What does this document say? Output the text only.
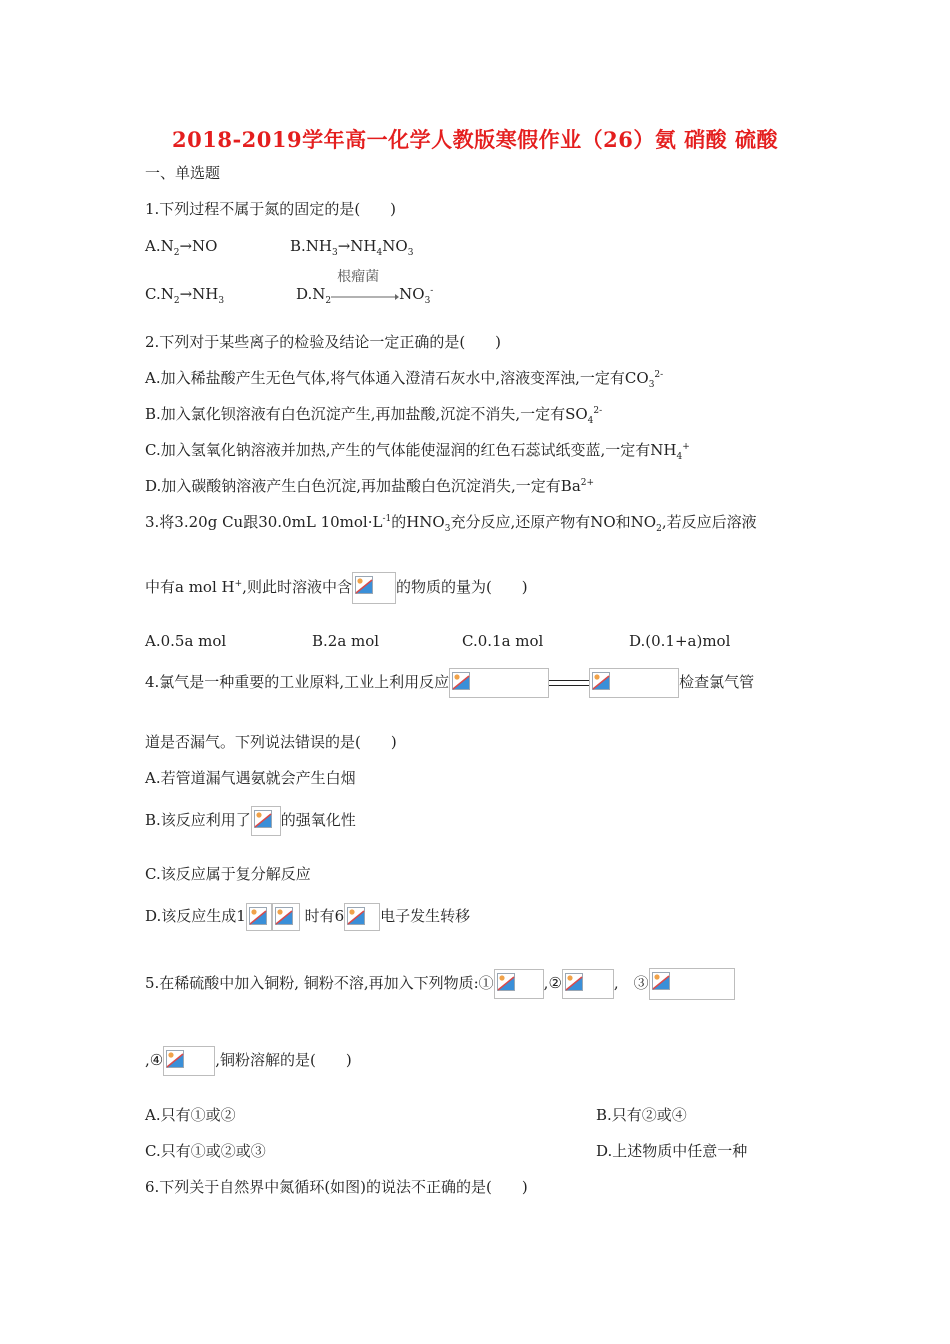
2018-2019学年高一化学人教版寒假作业（26）氨 硝酸 硫酸
一、单选题
1.下列过程不属于氮的固定的是(　　)
$A.N_2\to NO$	$B.NH_3\to NH_4NO_3$
$C.N_2\to NH_3$	$D.N_2$
根瘤菌
$NO_3^-$
2.下列对于某些离子的检验及结论一定正确的是(　　)
A.加入稀盐酸产生无色气体,将气体通入澄清石灰水中,溶液变浑浊,一定有$CO_3^{2-}$
B.加入氯化钡溶液有白色沉淀产生,再加盐酸,沉淀不消失,一定有$SO_4^{2-}$
C.加入氢氧化钠溶液并加热,产生的气体能使湿润的红色石蕊试纸变蓝,一定有$NH_4^+$
D.加入碳酸钠溶液产生白色沉淀,再加盐酸白色沉淀消失,一定有$Ba^{2+}$
3.将3.20g Cu跟30.0mL $10mol\cdot L^{-1}$的$HNO_3$充分反应,还原产物有NO和$NO_2$,若反应后溶液
中有a mol H+,则此时溶液中含	的物质的量为(　　)
A.0.5a mol	B.2a mol	C.0.1a mol	D.(0.1+a)mol
4.氯气是一种重要的工业原料,工业上利用反应	检查氯气管
道是否漏气。下列说法错误的是(　　)
A.若管道漏气遇氨就会产生白烟
B.该反应利用了 的强氧化性
C.该反应属于复分解反应
D.该反应生成1	时有6 电子发生转移
5.在稀硫酸中加入铜粉, 铜粉不溶,再加入下列物质:①	,②	,　③
,④	,铜粉溶解的是(　　)
A.只有①或②	B.只有②或④
C.只有①或②或③	D.上述物质中任意一种
6.下列关于自然界中氮循环(如图)的说法不正确的是(　　)
